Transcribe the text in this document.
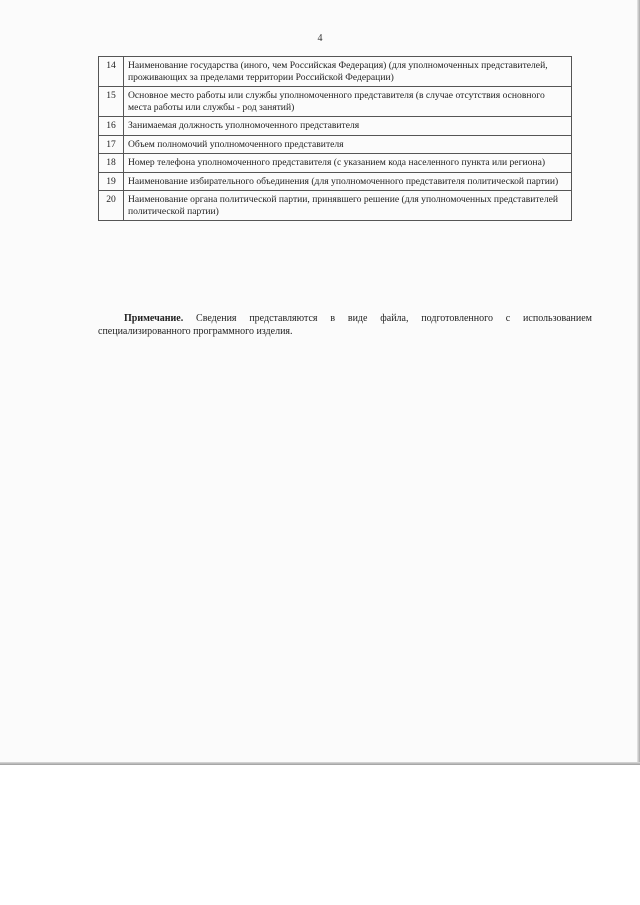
4
14	Наименование государства (иного, чем Российская Федерация) (для уполномоченных представителей, проживающих за пределами территории Российской Федерации)
15	Основное место работы или службы уполномоченного представителя (в случае отсутствия основного места работы или службы - род занятий)
16	Занимаемая должность уполномоченного представителя
17	Объем полномочий уполномоченного представителя
18	Номер телефона уполномоченного представителя (с указанием кода населенного пункта или региона)
19	Наименование избирательного объединения (для уполномоченного представителя политической партии)
20	Наименование органа политической партии, принявшего решение (для уполномоченных представителей политической партии)

Примечание. Сведения представляются в виде файла, подготовленного с использованием специализированного программного изделия.
